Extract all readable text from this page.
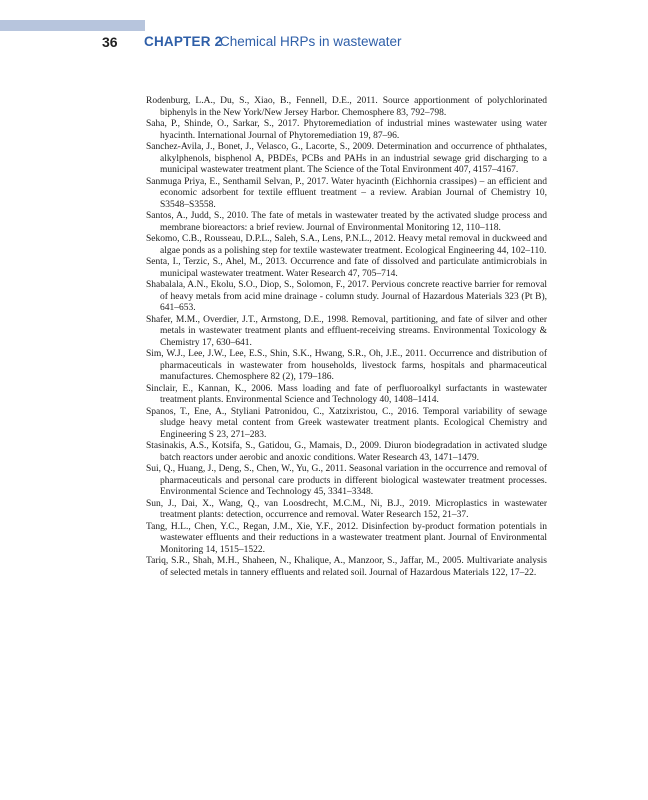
36 CHAPTER 2
Chemical HRPs in wastewater
Rodenburg, L.A., Du, S., Xiao, B., Fennell, D.E., 2011. Source apportionment of polychlorinated biphenyls in the New York/New Jersey Harbor. Chemosphere 83, 792–798.
Saha, P., Shinde, O., Sarkar, S., 2017. Phytoremediation of industrial mines wastewater using water hyacinth. International Journal of Phytoremediation 19, 87–96.
Sanchez-Avila, J., Bonet, J., Velasco, G., Lacorte, S., 2009. Determination and occurrence of phthalates, alkylphenols, bisphenol A, PBDEs, PCBs and PAHs in an industrial sewage grid discharging to a municipal wastewater treatment plant. The Science of the Total Environment 407, 4157–4167.
Sanmuga Priya, E., Senthamil Selvan, P., 2017. Water hyacinth (Eichhornia crassipes) – an efficient and economic adsorbent for textile effluent treatment – a review. Arabian Journal of Chemistry 10, S3548–S3558.
Santos, A., Judd, S., 2010. The fate of metals in wastewater treated by the activated sludge process and membrane bioreactors: a brief review. Journal of Environmental Monitoring 12, 110–118.
Sekomo, C.B., Rousseau, D.P.L., Saleh, S.A., Lens, P.N.L., 2012. Heavy metal removal in duckweed and algae ponds as a polishing step for textile wastewater treatment. Ecological Engineering 44, 102–110.
Senta, I., Terzic, S., Ahel, M., 2013. Occurrence and fate of dissolved and particulate antimicrobials in municipal wastewater treatment. Water Research 47, 705–714.
Shabalala, A.N., Ekolu, S.O., Diop, S., Solomon, F., 2017. Pervious concrete reactive barrier for removal of heavy metals from acid mine drainage - column study. Journal of Hazardous Materials 323 (Pt B), 641–653.
Shafer, M.M., Overdier, J.T., Armstong, D.E., 1998. Removal, partitioning, and fate of silver and other metals in wastewater treatment plants and effluent-receiving streams. Environmental Toxicology & Chemistry 17, 630–641.
Sim, W.J., Lee, J.W., Lee, E.S., Shin, S.K., Hwang, S.R., Oh, J.E., 2011. Occurrence and distribution of pharmaceuticals in wastewater from households, livestock farms, hospitals and pharmaceutical manufactures. Chemosphere 82 (2), 179–186.
Sinclair, E., Kannan, K., 2006. Mass loading and fate of perfluoroalkyl surfactants in wastewater treatment plants. Environmental Science and Technology 40, 1408–1414.
Spanos, T., Ene, A., Styliani Patronidou, C., Xatzixristou, C., 2016. Temporal variability of sewage sludge heavy metal content from Greek wastewater treatment plants. Ecological Chemistry and Engineering S 23, 271–283.
Stasinakis, A.S., Kotsifa, S., Gatidou, G., Mamais, D., 2009. Diuron biodegradation in activated sludge batch reactors under aerobic and anoxic conditions. Water Research 43, 1471–1479.
Sui, Q., Huang, J., Deng, S., Chen, W., Yu, G., 2011. Seasonal variation in the occurrence and removal of pharmaceuticals and personal care products in different biological wastewater treatment processes. Environmental Science and Technology 45, 3341–3348.
Sun, J., Dai, X., Wang, Q., van Loosdrecht, M.C.M., Ni, B.J., 2019. Microplastics in wastewater treatment plants: detection, occurrence and removal. Water Research 152, 21–37.
Tang, H.L., Chen, Y.C., Regan, J.M., Xie, Y.F., 2012. Disinfection by-product formation potentials in wastewater effluents and their reductions in a wastewater treatment plant. Journal of Environmental Monitoring 14, 1515–1522.
Tariq, S.R., Shah, M.H., Shaheen, N., Khalique, A., Manzoor, S., Jaffar, M., 2005. Multivariate analysis of selected metals in tannery effluents and related soil. Journal of Hazardous Materials 122, 17–22.
